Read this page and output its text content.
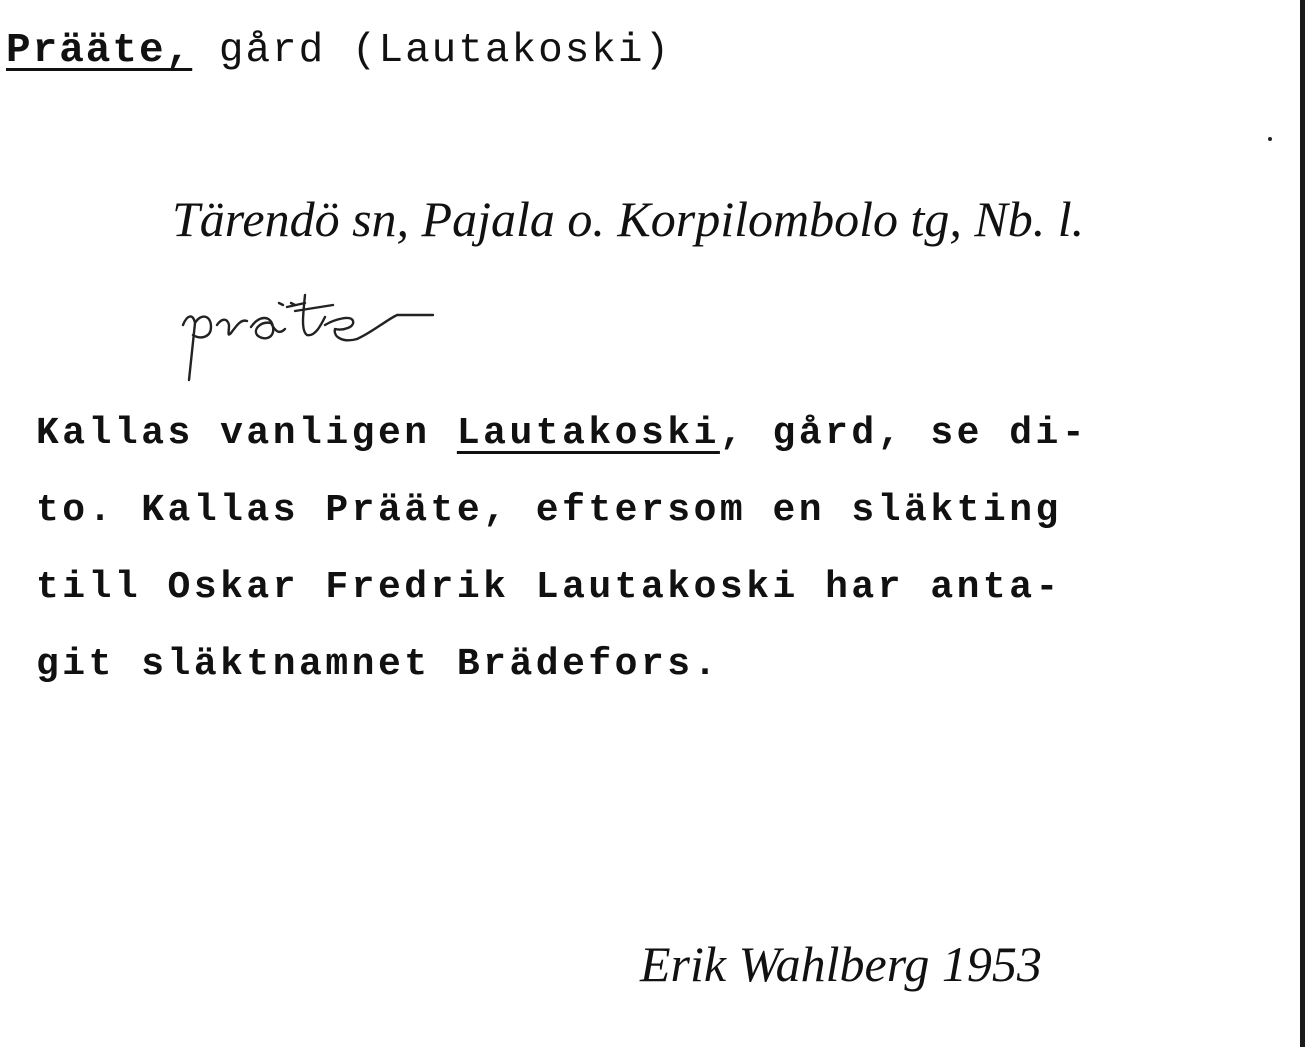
Prääte, gård (Lautakoski)
Tärendö sn, Pajala o. Korpilombolo tg, Nb. l.
Kallas vanligen Lautakoski, gård, se di-
to. Kallas Prääte, eftersom en släkting
till Oskar Fredrik Lautakoski har anta-
git släktnamnet Brädefors.
Erik Wahlberg 1953
